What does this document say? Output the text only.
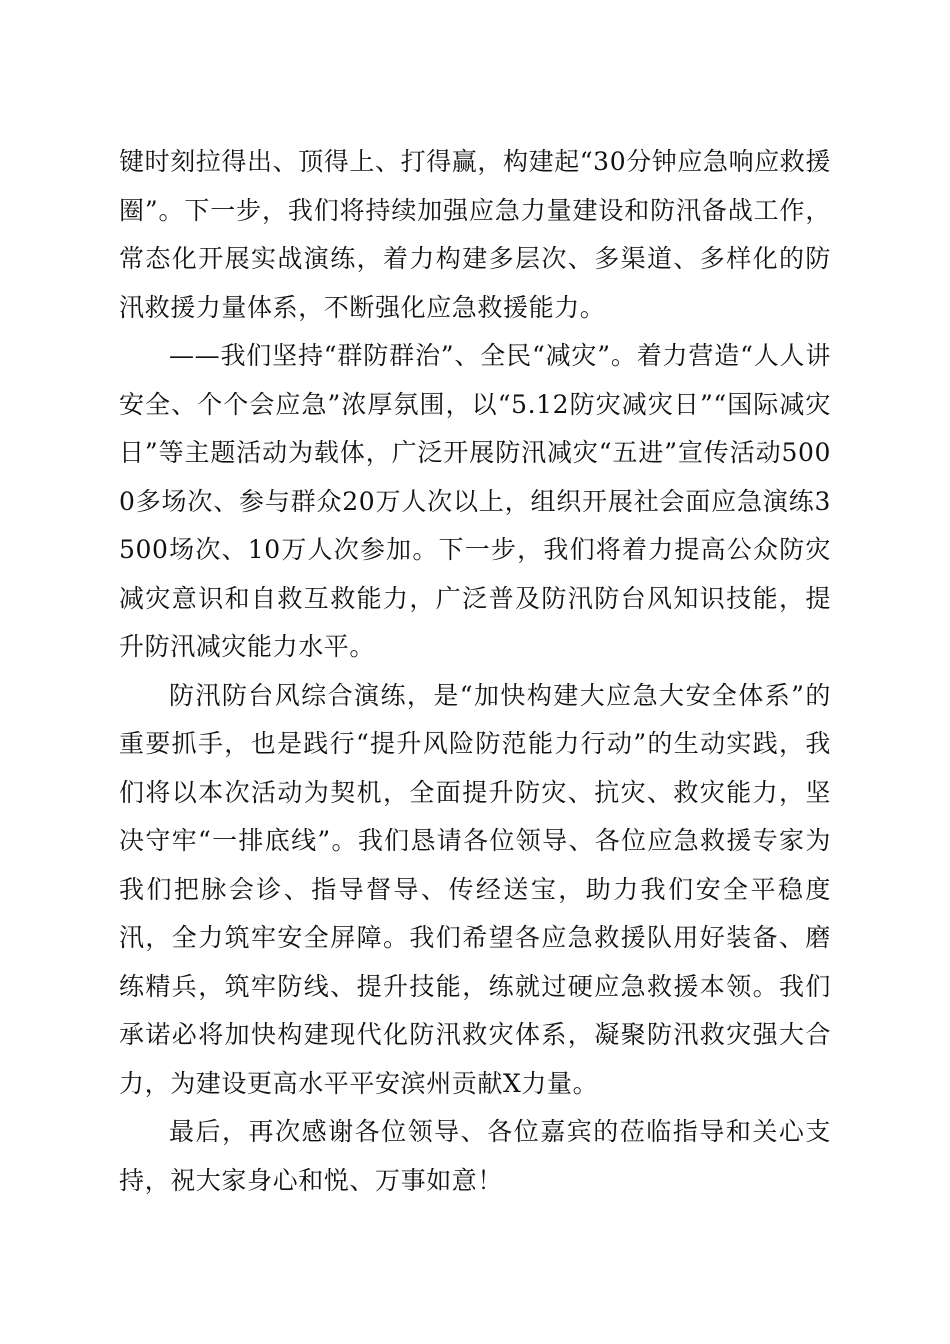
键时刻拉得出、顶得上、打得赢，构建起“30分钟应急响应救援圈”。下一步，我们将持续加强应急力量建设和防汛备战工作，常态化开展实战演练，着力构建多层次、多渠道、多样化的防汛救援力量体系，不断强化应急救援能力。

——我们坚持“群防群治”、全民“减灾”。着力营造“人人讲安全、个个会应急”浓厚氛围，以“5.12防灾减灾日”“国际减灾日”等主题活动为载体，广泛开展防汛减灾“五进”宣传活动5000多场次、参与群众20万人次以上，组织开展社会面应急演练3500场次、10万人次参加。下一步，我们将着力提高公众防灾减灾意识和自救互救能力，广泛普及防汛防台风知识技能，提升防汛减灾能力水平。

防汛防台风综合演练，是“加快构建大应急大安全体系”的重要抓手，也是践行“提升风险防范能力行动”的生动实践，我们将以本次活动为契机，全面提升防灾、抗灾、救灾能力，坚决守牢“一排底线”。我们恳请各位领导、各位应急救援专家为我们把脉会诊、指导督导、传经送宝，助力我们安全平稳度汛，全力筑牢安全屏障。我们希望各应急救援队用好装备、磨练精兵，筑牢防线、提升技能，练就过硬应急救援本领。我们承诺必将加快构建现代化防汛救灾体系，凝聚防汛救灾强大合力，为建设更高水平平安滨州贡献X力量。

最后，再次感谢各位领导、各位嘉宾的莅临指导和关心支持，祝大家身心和悦、万事如意！
